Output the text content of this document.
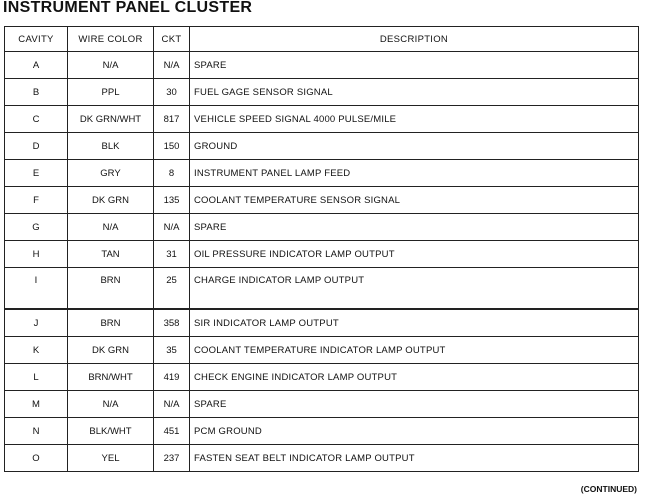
INSTRUMENT PANEL CLUSTER
CAVITY	WIRE COLOR	CKT	DESCRIPTION
A	N/A	N/A	SPARE
B	PPL	30	FUEL GAGE SENSOR SIGNAL
C	DK GRN/WHT	817	VEHICLE SPEED SIGNAL 4000 PULSE/MILE
D	BLK	150	GROUND
E	GRY	8	INSTRUMENT PANEL LAMP FEED
F	DK GRN	135	COOLANT TEMPERATURE SENSOR SIGNAL
G	N/A	N/A	SPARE
H	TAN	31	OIL PRESSURE INDICATOR LAMP OUTPUT
I	BRN	25	CHARGE INDICATOR LAMP OUTPUT
J	BRN	358	SIR INDICATOR LAMP OUTPUT
K	DK GRN	35	COOLANT TEMPERATURE INDICATOR LAMP OUTPUT
L	BRN/WHT	419	CHECK ENGINE INDICATOR LAMP OUTPUT
M	N/A	N/A	SPARE
N	BLK/WHT	451	PCM GROUND
O	YEL	237	FASTEN SEAT BELT INDICATOR LAMP OUTPUT
(CONTINUED)
